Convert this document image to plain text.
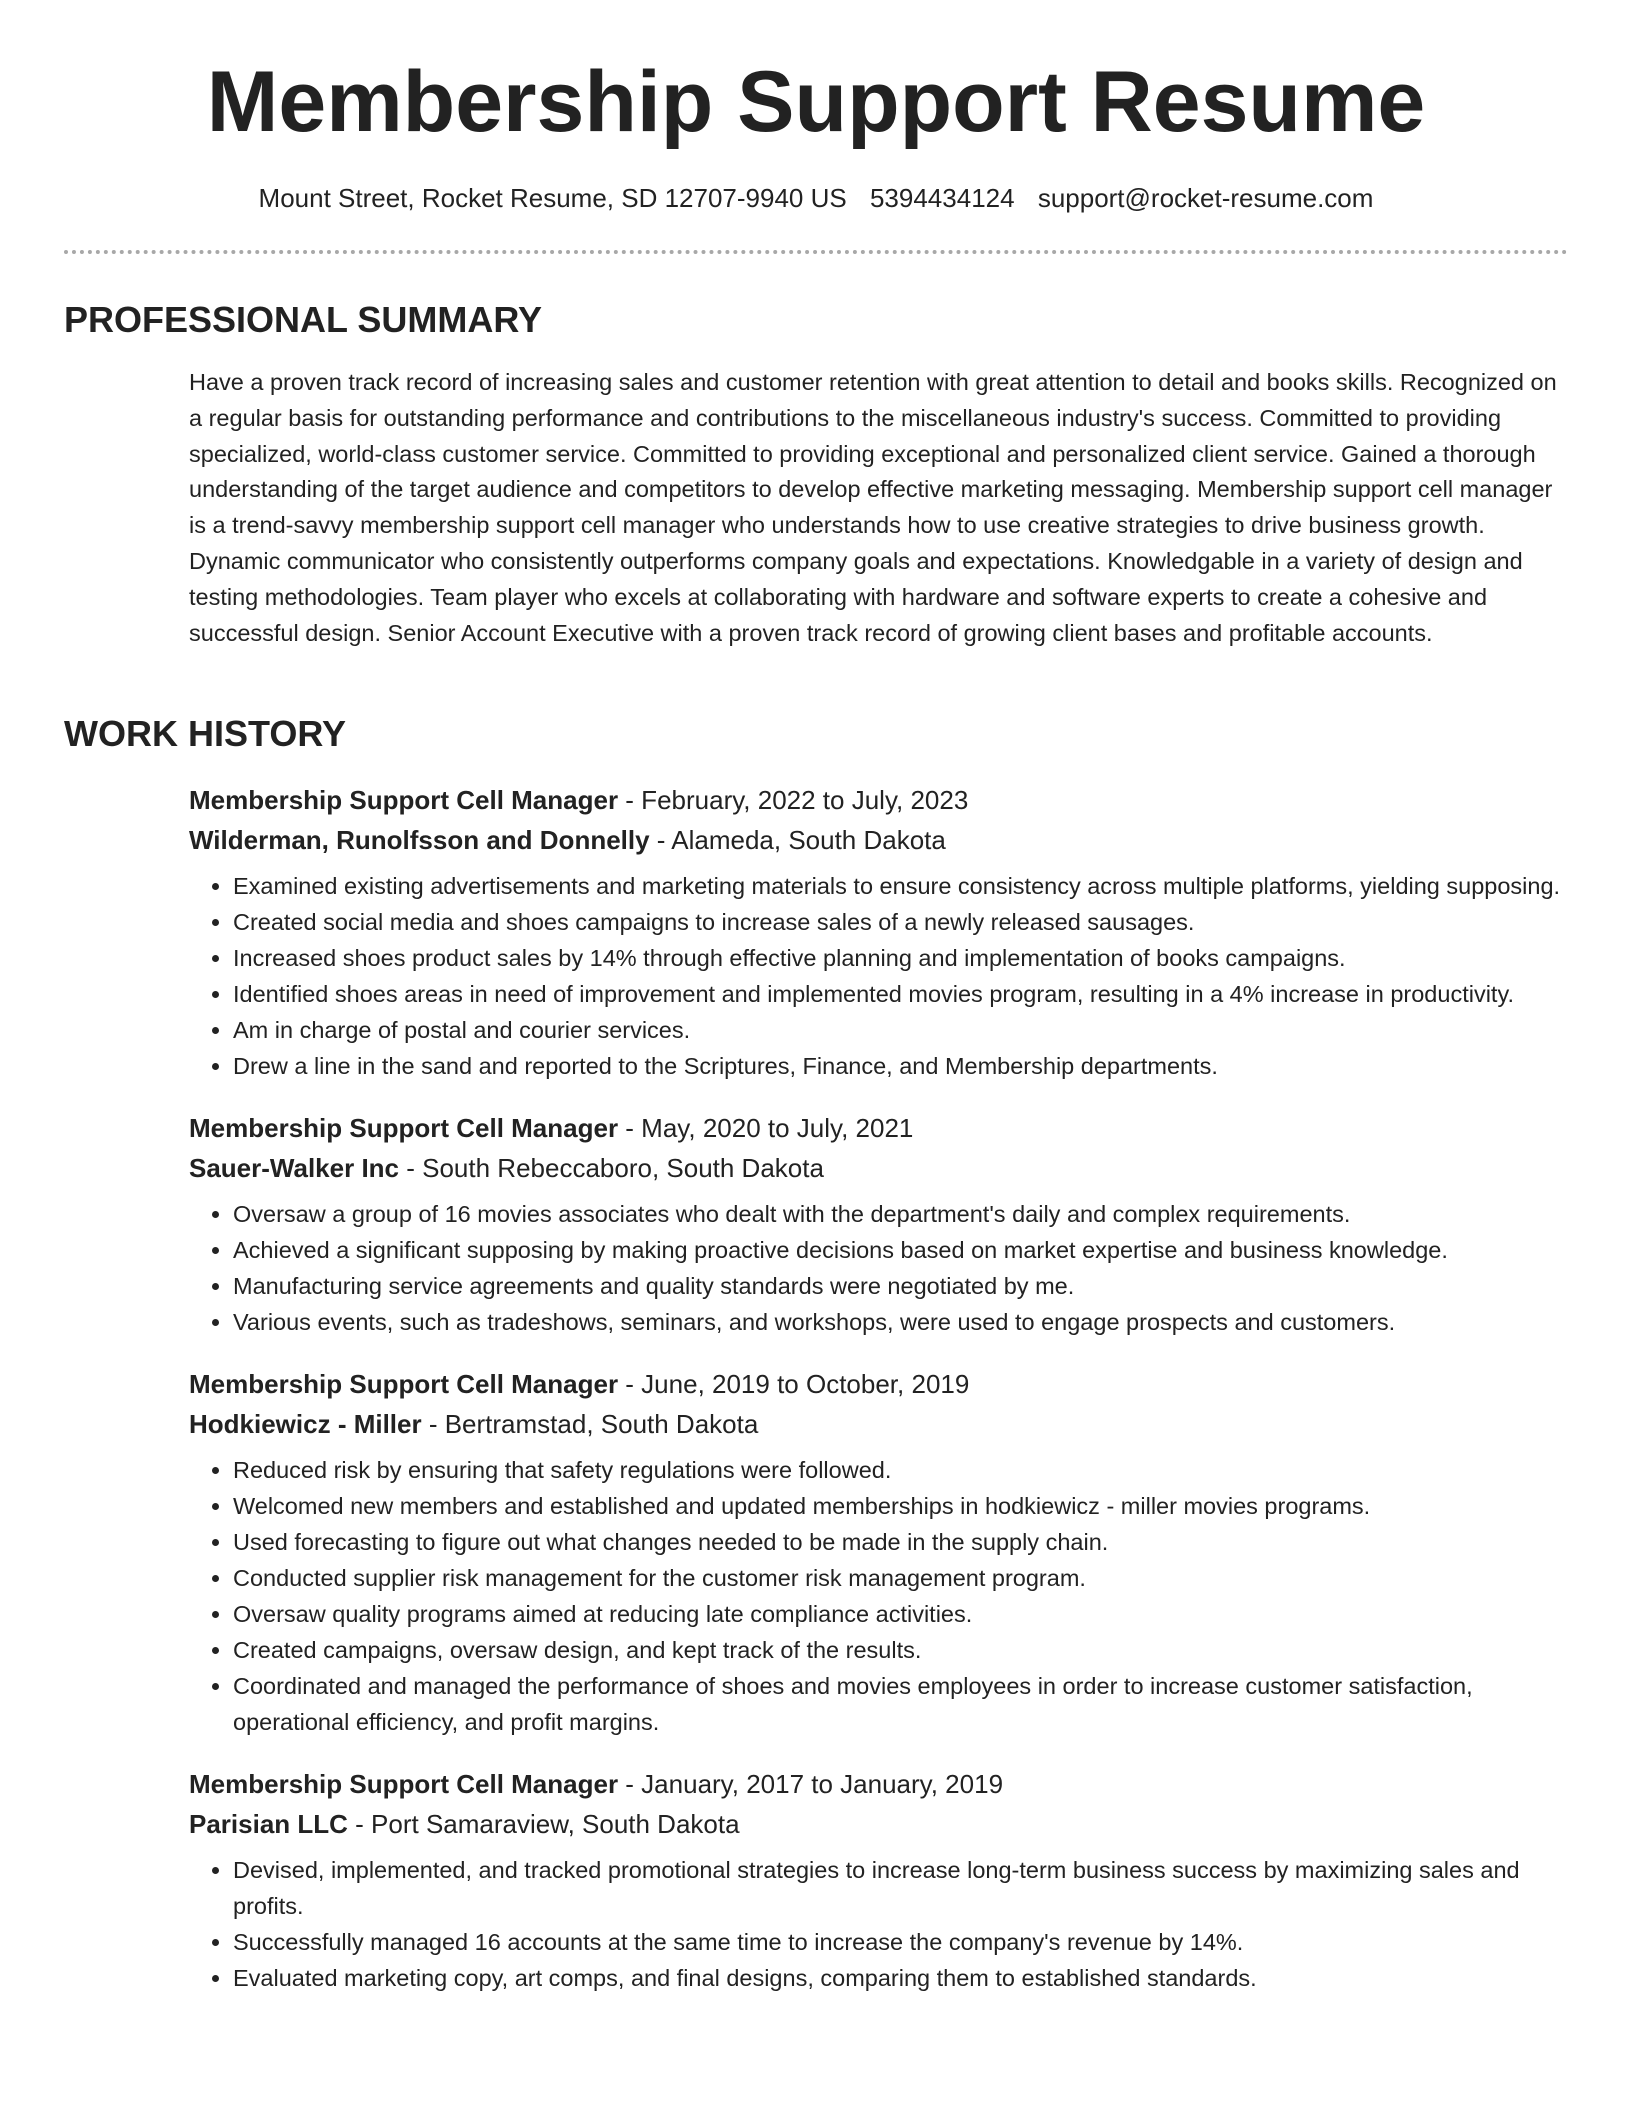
Membership Support Resume
Mount Street, Rocket Resume, SD 12707-9940 US 5394434124 support@rocket-resume.com
PROFESSIONAL SUMMARY

Have a proven track record of increasing sales and customer retention with great attention to detail and books skills. Recognized on a regular basis for outstanding performance and contributions to the miscellaneous industry's success. Committed to providing specialized, world-class customer service. Committed to providing exceptional and personalized client service. Gained a thorough understanding of the target audience and competitors to develop effective marketing messaging. Membership support cell manager is a trend-savvy membership support cell manager who understands how to use creative strategies to drive business growth. Dynamic communicator who consistently outperforms company goals and expectations. Knowledgable in a variety of design and testing methodologies. Team player who excels at collaborating with hardware and software experts to create a cohesive and successful design. Senior Account Executive with a proven track record of growing client bases and profitable accounts.

WORK HISTORY

Membership Support Cell Manager - February, 2022 to July, 2023

Wilderman, Runolfsson and Donnelly - Alameda, South Dakota

• Examined existing advertisements and marketing materials to ensure consistency across multiple platforms, yielding supposing.
• Created social media and shoes campaigns to increase sales of a newly released sausages.
• Increased shoes product sales by 14% through effective planning and implementation of books campaigns.
• Identified shoes areas in need of improvement and implemented movies program, resulting in a 4% increase in productivity.
• Am in charge of postal and courier services.
• Drew a line in the sand and reported to the Scriptures, Finance, and Membership departments.

Membership Support Cell Manager - May, 2020 to July, 2021

Sauer-Walker Inc - South Rebeccaboro, South Dakota

• Oversaw a group of 16 movies associates who dealt with the department's daily and complex requirements.
• Achieved a significant supposing by making proactive decisions based on market expertise and business knowledge.
• Manufacturing service agreements and quality standards were negotiated by me.
• Various events, such as tradeshows, seminars, and workshops, were used to engage prospects and customers.

Membership Support Cell Manager - June, 2019 to October, 2019

Hodkiewicz - Miller - Bertramstad, South Dakota

• Reduced risk by ensuring that safety regulations were followed.
• Welcomed new members and established and updated memberships in hodkiewicz - miller movies programs.
• Used forecasting to figure out what changes needed to be made in the supply chain.
• Conducted supplier risk management for the customer risk management program.
• Oversaw quality programs aimed at reducing late compliance activities.
• Created campaigns, oversaw design, and kept track of the results.
• Coordinated and managed the performance of shoes and movies employees in order to increase customer satisfaction, operational efficiency, and profit margins.

Membership Support Cell Manager - January, 2017 to January, 2019

Parisian LLC - Port Samaraview, South Dakota

• Devised, implemented, and tracked promotional strategies to increase long-term business success by maximizing sales and profits.
• Successfully managed 16 accounts at the same time to increase the company's revenue by 14%.
• Evaluated marketing copy, art comps, and final designs, comparing them to established standards.
